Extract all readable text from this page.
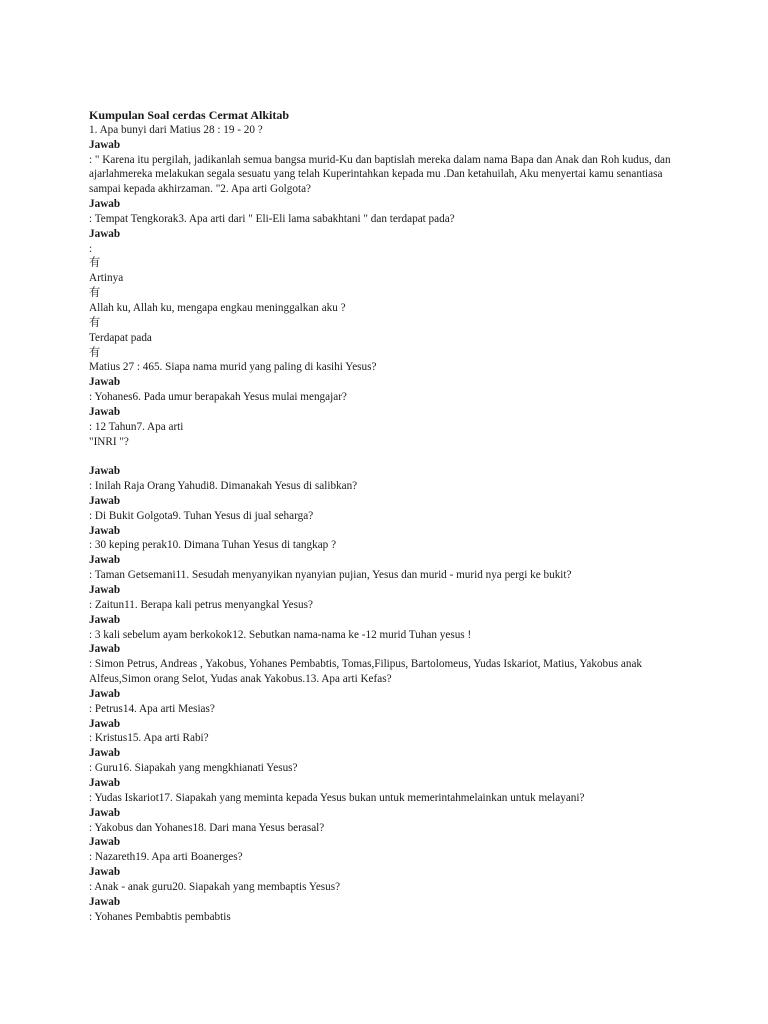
Kumpulan Soal cerdas Cermat Alkitab
1. Apa bunyi dari Matius 28 : 19 - 20 ?
Jawab
: " Karena itu pergilah, jadikanlah semua bangsa murid-Ku dan baptislah mereka dalam nama Bapa dan Anak dan Roh kudus, dan ajarlahmereka melakukan segala sesuatu yang telah Kuperintahkan kepada mu .Dan ketahuilah, Aku menyertai kamu senantiasa sampai kepada akhirzaman. "2. Apa arti Golgota?
Jawab
: Tempat Tengkorak3. Apa arti dari " Eli-Eli lama sabakhtani " dan terdapat pada?
Jawab
:
有
Artinya
有
Allah ku, Allah ku, mengapa engkau meninggalkan aku ?
有
Terdapat pada
有
Matius 27 : 465. Siapa nama murid yang paling di kasihi Yesus?
Jawab
: Yohanes6. Pada umur berapakah Yesus mulai mengajar?
Jawab
: 12 Tahun7. Apa arti
"INRI "?
Jawab
: Inilah Raja Orang Yahudi8. Dimanakah Yesus di salibkan?
Jawab
: Di Bukit Golgota9. Tuhan Yesus di jual seharga?
Jawab
: 30 keping perak10. Dimana Tuhan Yesus di tangkap ?
Jawab
: Taman Getsemani11. Sesudah menyanyikan nyanyian pujian, Yesus dan murid - murid nya pergi ke bukit?
Jawab
: Zaitun11. Berapa kali petrus menyangkal Yesus?
Jawab
: 3 kali sebelum ayam berkokok12. Sebutkan nama-nama ke -12 murid Tuhan yesus !
Jawab
: Simon Petrus, Andreas , Yakobus, Yohanes Pembabtis, Tomas,Filipus, Bartolomeus, Yudas Iskariot, Matius, Yakobus anak Alfeus,Simon orang Selot, Yudas anak Yakobus.13. Apa arti Kefas?
Jawab
: Petrus14. Apa arti Mesias?
Jawab
: Kristus15. Apa arti Rabi?
Jawab
: Guru16. Siapakah yang mengkhianati Yesus?
Jawab
: Yudas Iskariot17. Siapakah yang meminta kepada Yesus bukan untuk memerintahmelainkan untuk melayani?
Jawab
: Yakobus dan Yohanes18. Dari mana Yesus berasal?
Jawab
: Nazareth19. Apa arti Boanerges?
Jawab
: Anak - anak guru20. Siapakah yang membaptis Yesus?
Jawab
: Yohanes Pembabtis pembabtis
